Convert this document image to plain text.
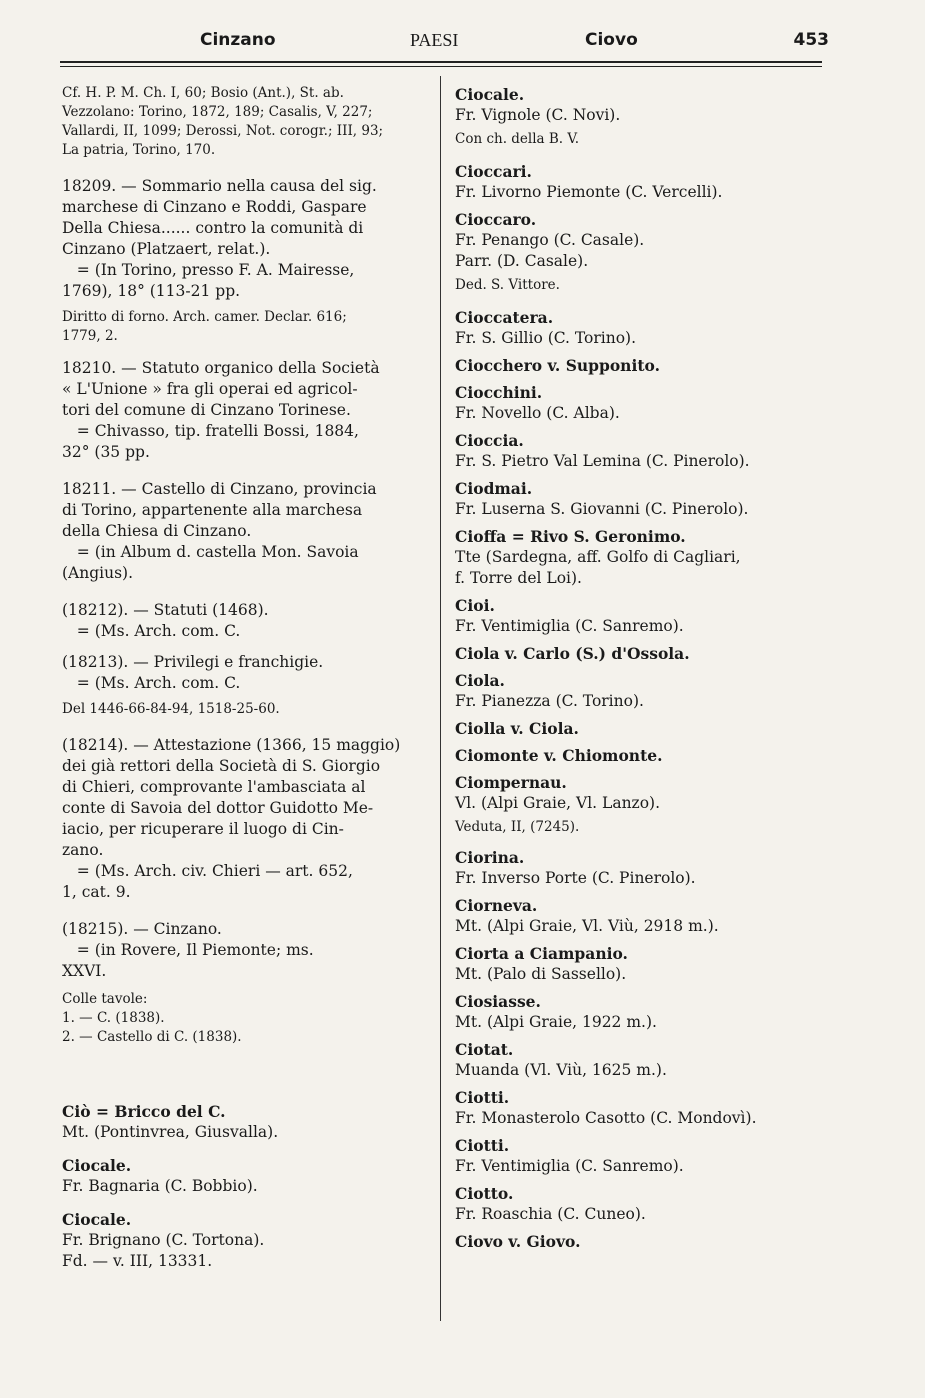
Cinzano	PAESI	Ciovo	453
Cf. H. P. M. Ch. I, 60; Bosio (Ant.), St. ab.
Vezzolano: Torino, 1872, 189; Casalis, V, 227;
Vallardi, II, 1099; Derossi, Not. corogr.; III, 93;
La patria, Torino, 170.
18209. — Sommario nella causa del sig.
marchese di Cinzano e Roddi, Gaspare
Della Chiesa...... contro la comunità di
Cinzano (Platzaert, relat.).
= (In Torino, presso F. A. Mairesse,
1769), 18° (113-21 pp.
Diritto di forno. Arch. camer. Declar. 616;
1779, 2.
18210. — Statuto organico della Società
« L'Unione » fra gli operai ed agricol-
tori del comune di Cinzano Torinese.
= Chivasso, tip. fratelli Bossi, 1884,
32° (35 pp.
18211. — Castello di Cinzano, provincia
di Torino, appartenente alla marchesa
della Chiesa di Cinzano.
= (in Album d. castella Mon. Savoia
(Angius).
(18212). — Statuti (1468).
= (Ms. Arch. com. C.
(18213). — Privilegi e franchigie.
= (Ms. Arch. com. C.
Del 1446-66-84-94, 1518-25-60.
(18214). — Attestazione (1366, 15 maggio)
dei già rettori della Società di S. Giorgio
di Chieri, comprovante l'ambasciata al
conte di Savoia del dottor Guidotto Me-
iacio, per ricuperare il luogo di Cin-
zano.
= (Ms. Arch. civ. Chieri — art. 652,
1, cat. 9.
(18215). — Cinzano.
= (in Rovere, Il Piemonte; ms.
XXVI.
Colle tavole:
1. — C. (1838).
2. — Castello di C. (1838).
Ciò = Bricco del C.
Mt. (Pontinvrea, Giusvalla).
Ciocale.
Fr. Bagnaria (C. Bobbio).
Ciocale.
Fr. Brignano (C. Tortona).
Fd. — v. III, 13331.
Ciocale.
Fr. Vignole (C. Novi).
Con ch. della B. V.
Cioccari.
Fr. Livorno Piemonte (C. Vercelli).
Cioccaro.
Fr. Penango (C. Casale).
Parr. (D. Casale).
Ded. S. Vittore.
Cioccatera.
Fr. S. Gillio (C. Torino).
Ciocchero v. Supponito.
Ciocchini.
Fr. Novello (C. Alba).
Cioccia.
Fr. S. Pietro Val Lemina (C. Pinerolo).
Ciodmai.
Fr. Luserna S. Giovanni (C. Pinerolo).
Cioffa = Rivo S. Geronimo.
Tte (Sardegna, aff. Golfo di Cagliari,
f. Torre del Loi).
Cioi.
Fr. Ventimiglia (C. Sanremo).
Ciola v. Carlo (S.) d'Ossola.
Ciola.
Fr. Pianezza (C. Torino).
Ciolla v. Ciola.
Ciomonte v. Chiomonte.
Ciompernau.
Vl. (Alpi Graie, Vl. Lanzo).
Veduta, II, (7245).
Ciorina.
Fr. Inverso Porte (C. Pinerolo).
Ciorneva.
Mt. (Alpi Graie, Vl. Viù, 2918 m.).
Ciorta a Ciampanio.
Mt. (Palo di Sassello).
Ciosiasse.
Mt. (Alpi Graie, 1922 m.).
Ciotat.
Muanda (Vl. Viù, 1625 m.).
Ciotti.
Fr. Monasterolo Casotto (C. Mondovì).
Ciotti.
Fr. Ventimiglia (C. Sanremo).
Ciotto.
Fr. Roaschia (C. Cuneo).
Ciovo v. Giovo.
